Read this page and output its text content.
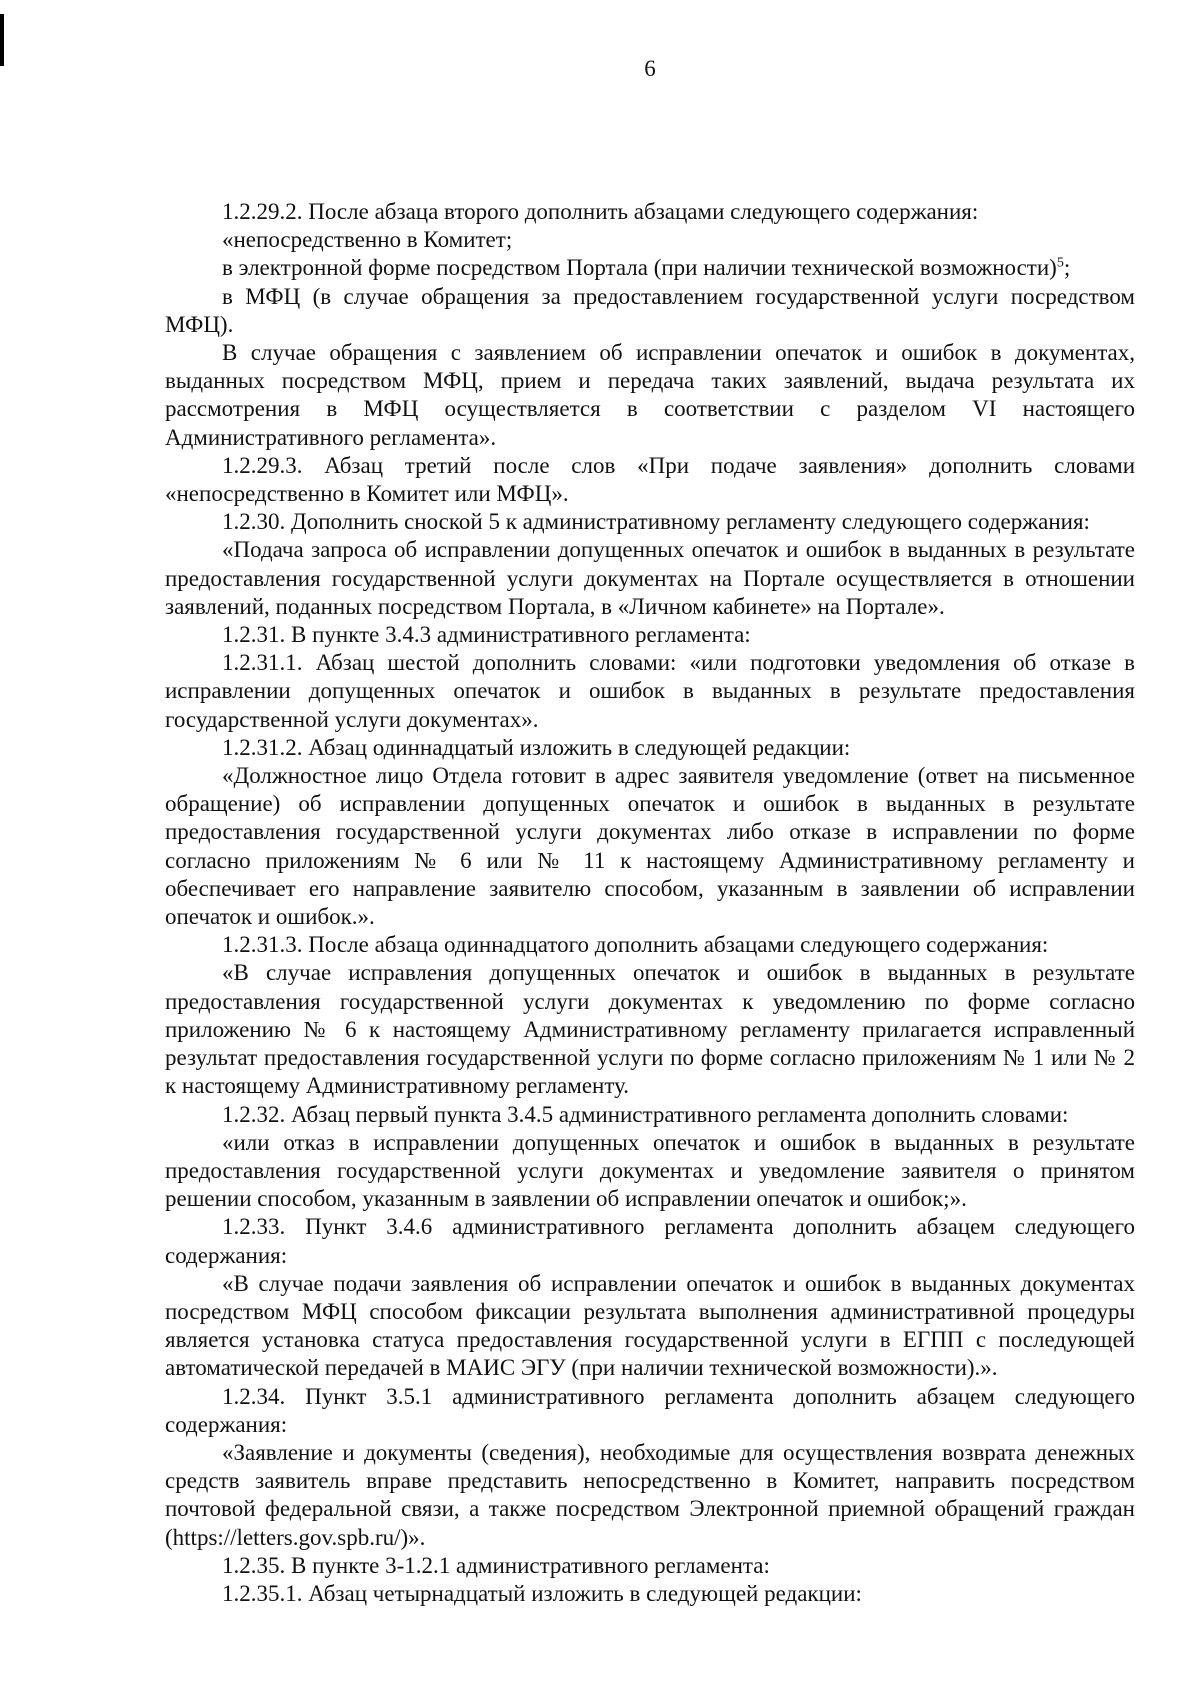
6

1.2.29.2. После абзаца второго дополнить абзацами следующего содержания:

«непосредственно в Комитет;

в электронной форме посредством Портала (при наличии технической возможности)$^5$;

в МФЦ (в случае обращения за предоставлением государственной услуги посредством МФЦ).

В случае обращения с заявлением об исправлении опечаток и ошибок в документах, выданных посредством МФЦ, прием и передача таких заявлений, выдача результата их рассмотрения в МФЦ осуществляется в соответствии с разделом VI настоящего Административного регламента».

1.2.29.3. Абзац третий после слов «При подаче заявления» дополнить словами «непосредственно в Комитет или МФЦ».

1.2.30. Дополнить сноской 5 к административному регламенту следующего содержания:

«Подача запроса об исправлении допущенных опечаток и ошибок в выданных в результате предоставления государственной услуги документах на Портале осуществляется в отношении заявлений, поданных посредством Портала, в «Личном кабинете» на Портале».

1.2.31. В пункте 3.4.3 административного регламента:

1.2.31.1. Абзац шестой дополнить словами: «или подготовки уведомления об отказе в исправлении допущенных опечаток и ошибок в выданных в результате предоставления государственной услуги документах».

1.2.31.2. Абзац одиннадцатый изложить в следующей редакции:

«Должностное лицо Отдела готовит в адрес заявителя уведомление (ответ на письменное обращение) об исправлении допущенных опечаток и ошибок в выданных в результате предоставления государственной услуги документах либо отказе в исправлении по форме согласно приложениям № 6 или № 11 к настоящему Административному регламенту и обеспечивает его направление заявителю способом, указанным в заявлении об исправлении опечаток и ошибок.».

1.2.31.3. После абзаца одиннадцатого дополнить абзацами следующего содержания:

«В случае исправления допущенных опечаток и ошибок в выданных в результате предоставления государственной услуги документах к уведомлению по форме согласно приложению № 6 к настоящему Административному регламенту прилагается исправленный результат предоставления государственной услуги по форме согласно приложениям № 1 или № 2 к настоящему Административному регламенту.

1.2.32. Абзац первый пункта 3.4.5 административного регламента дополнить словами:

«или отказ в исправлении допущенных опечаток и ошибок в выданных в результате предоставления государственной услуги документах и уведомление заявителя о принятом решении способом, указанным в заявлении об исправлении опечаток и ошибок;».

1.2.33. Пункт 3.4.6 административного регламента дополнить абзацем следующего содержания:

«В случае подачи заявления об исправлении опечаток и ошибок в выданных документах посредством МФЦ способом фиксации результата выполнения административной процедуры является установка статуса предоставления государственной услуги в ЕГПП с последующей автоматической передачей в МАИС ЭГУ (при наличии технической возможности).».

1.2.34. Пункт 3.5.1 административного регламента дополнить абзацем следующего содержания:

«Заявление и документы (сведения), необходимые для осуществления возврата денежных средств заявитель вправе представить непосредственно в Комитет, направить посредством почтовой федеральной связи, а также посредством Электронной приемной обращений граждан (https://letters.gov.spb.ru/)».

1.2.35. В пункте 3-1.2.1 административного регламента:

1.2.35.1. Абзац четырнадцатый изложить в следующей редакции:
